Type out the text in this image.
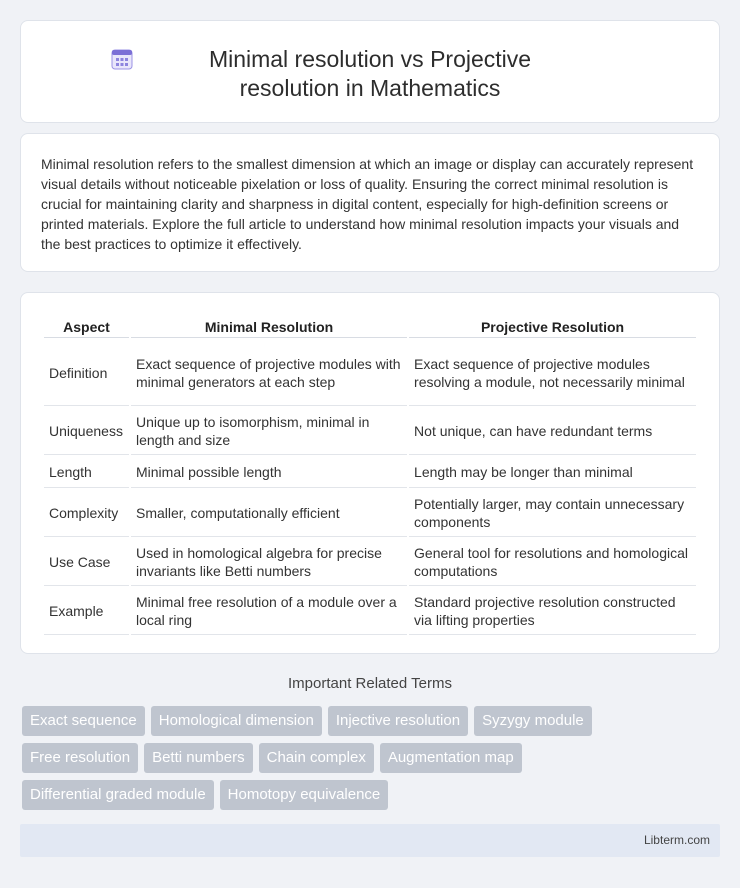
Minimal resolution vs Projective resolution in Mathematics

Minimal resolution refers to the smallest dimension at which an image or display can accurately represent visual details without noticeable pixelation or loss of quality. Ensuring the correct minimal resolution is crucial for maintaining clarity and sharpness in digital content, especially for high-definition screens or printed materials. Explore the full article to understand how minimal resolution impacts your visuals and the best practices to optimize it effectively.

Aspect	Minimal Resolution	Projective Resolution
Definition	Exact sequence of projective modules with minimal generators at each step	Exact sequence of projective modules resolving a module, not necessarily minimal
Uniqueness	Unique up to isomorphism, minimal in length and size	Not unique, can have redundant terms
Length	Minimal possible length	Length may be longer than minimal
Complexity	Smaller, computationally efficient	Potentially larger, may contain unnecessary components
Use Case	Used in homological algebra for precise invariants like Betti numbers	General tool for resolutions and homological computations
Example	Minimal free resolution of a module over a local ring	Standard projective resolution constructed via lifting properties
Important Related Terms
Exact sequence	Homological dimension	Injective resolution	Syzygy module
Free resolution	Betti numbers	Chain complex	Augmentation map
Differential graded module	Homotopy equivalence
Libterm.com
